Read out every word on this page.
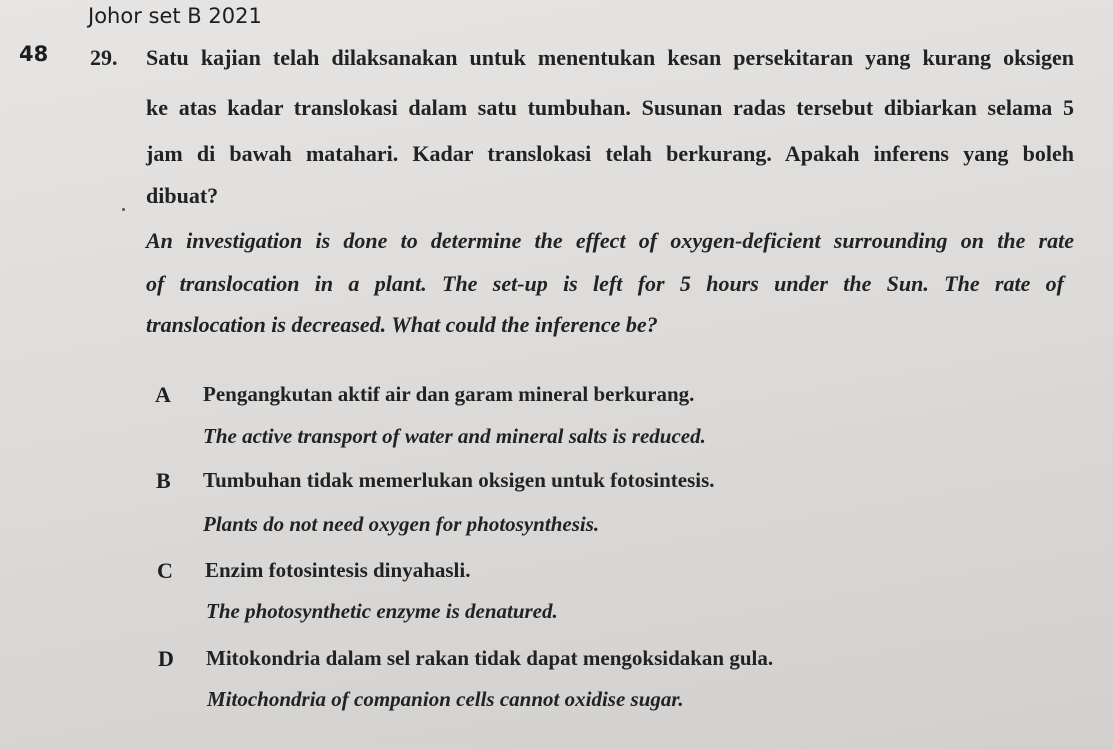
Johor set B 2021
48 29. Satu kajian telah dilaksanakan untuk menentukan kesan persekitaran yang kurang oksigen
ke atas kadar translokasi dalam satu tumbuhan. Susunan radas tersebut dibiarkan selama 5
jam di bawah matahari. Kadar translokasi telah berkurang. Apakah inferens yang boleh
dibuat?
An investigation is done to determine the effect of oxygen-deficient surrounding on the rate
of translocation in a plant. The set-up is left for 5 hours under the Sun. The rate of
translocation is decreased. What could the inference be?
A Pengangkutan aktif air dan garam mineral berkurang.
The active transport of water and mineral salts is reduced.
B Tumbuhan tidak memerlukan oksigen untuk fotosintesis.
Plants do not need oxygen for photosynthesis.
C Enzim fotosintesis dinyahasli.
The photosynthetic enzyme is denatured.
D Mitokondria dalam sel rakan tidak dapat mengoksidakan gula.
Mitochondria of companion cells cannot oxidise sugar.
